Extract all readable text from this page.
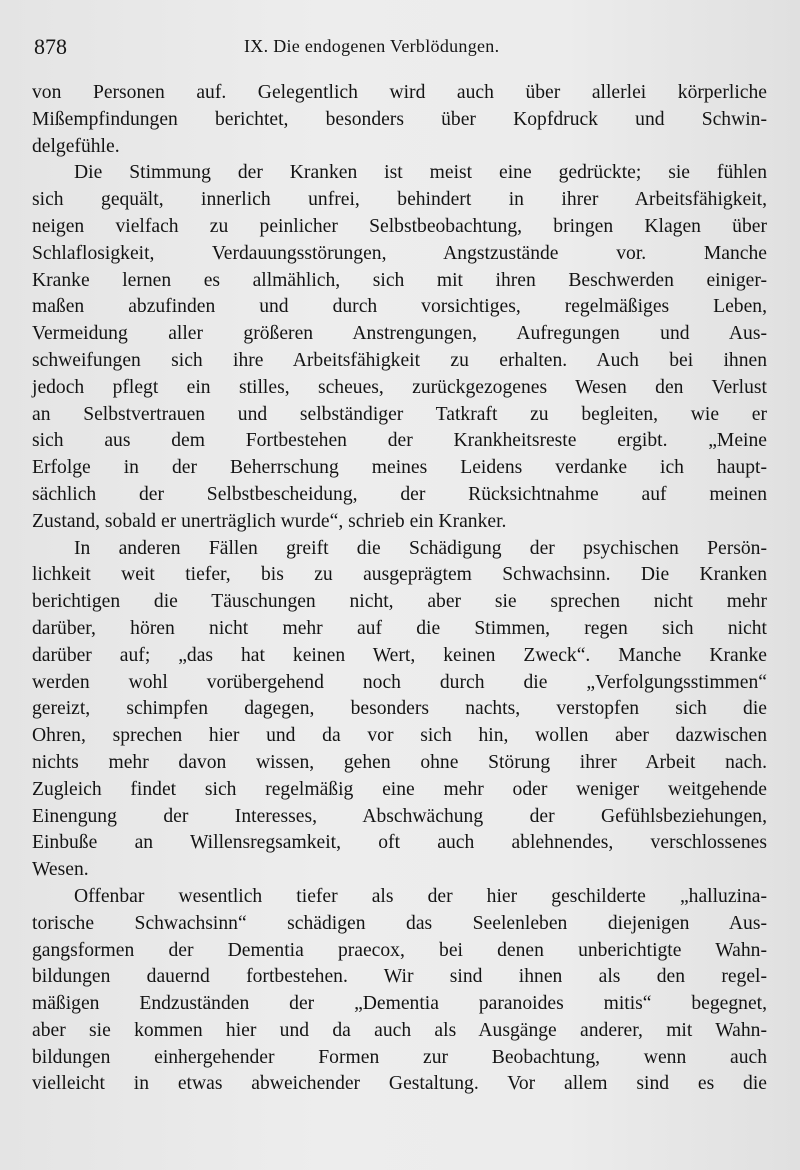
878	IX. Die endogenen Verblödungen.
von Personen auf. Gelegentlich wird auch über allerlei körperliche
Mißempfindungen berichtet, besonders über Kopfdruck und Schwin-
delgefühle.
Die Stimmung der Kranken ist meist eine gedrückte; sie fühlen
sich gequält, innerlich unfrei, behindert in ihrer Arbeitsfähigkeit,
neigen vielfach zu peinlicher Selbstbeobachtung, bringen Klagen über
Schlaflosigkeit, Verdauungsstörungen, Angstzustände vor. Manche
Kranke lernen es allmählich, sich mit ihren Beschwerden einiger-
maßen abzufinden und durch vorsichtiges, regelmäßiges Leben,
Vermeidung aller größeren Anstrengungen, Aufregungen und Aus-
schweifungen sich ihre Arbeitsfähigkeit zu erhalten. Auch bei ihnen
jedoch pflegt ein stilles, scheues, zurückgezogenes Wesen den Verlust
an Selbstvertrauen und selbständiger Tatkraft zu begleiten, wie er
sich aus dem Fortbestehen der Krankheitsreste ergibt. „Meine
Erfolge in der Beherrschung meines Leidens verdanke ich haupt-
sächlich der Selbstbescheidung, der Rücksichtnahme auf meinen
Zustand, sobald er unerträglich wurde“, schrieb ein Kranker.
In anderen Fällen greift die Schädigung der psychischen Persön-
lichkeit weit tiefer, bis zu ausgeprägtem Schwachsinn. Die Kranken
berichtigen die Täuschungen nicht, aber sie sprechen nicht mehr
darüber, hören nicht mehr auf die Stimmen, regen sich nicht
darüber auf; „das hat keinen Wert, keinen Zweck“. Manche Kranke
werden wohl vorübergehend noch durch die „Verfolgungsstimmen“
gereizt, schimpfen dagegen, besonders nachts, verstopfen sich die
Ohren, sprechen hier und da vor sich hin, wollen aber dazwischen
nichts mehr davon wissen, gehen ohne Störung ihrer Arbeit nach.
Zugleich findet sich regelmäßig eine mehr oder weniger weitgehende
Einengung der Interesses, Abschwächung der Gefühlsbeziehungen,
Einbuße an Willensregsamkeit, oft auch ablehnendes, verschlossenes
Wesen.
Offenbar wesentlich tiefer als der hier geschilderte „halluzina-
torische Schwachsinn“ schädigen das Seelenleben diejenigen Aus-
gangsformen der Dementia praecox, bei denen unberichtigte Wahn-
bildungen dauernd fortbestehen. Wir sind ihnen als den regel-
mäßigen Endzuständen der „Dementia paranoides mitis“ begegnet,
aber sie kommen hier und da auch als Ausgänge anderer, mit Wahn-
bildungen einhergehender Formen zur Beobachtung, wenn auch
vielleicht in etwas abweichender Gestaltung. Vor allem sind es die
